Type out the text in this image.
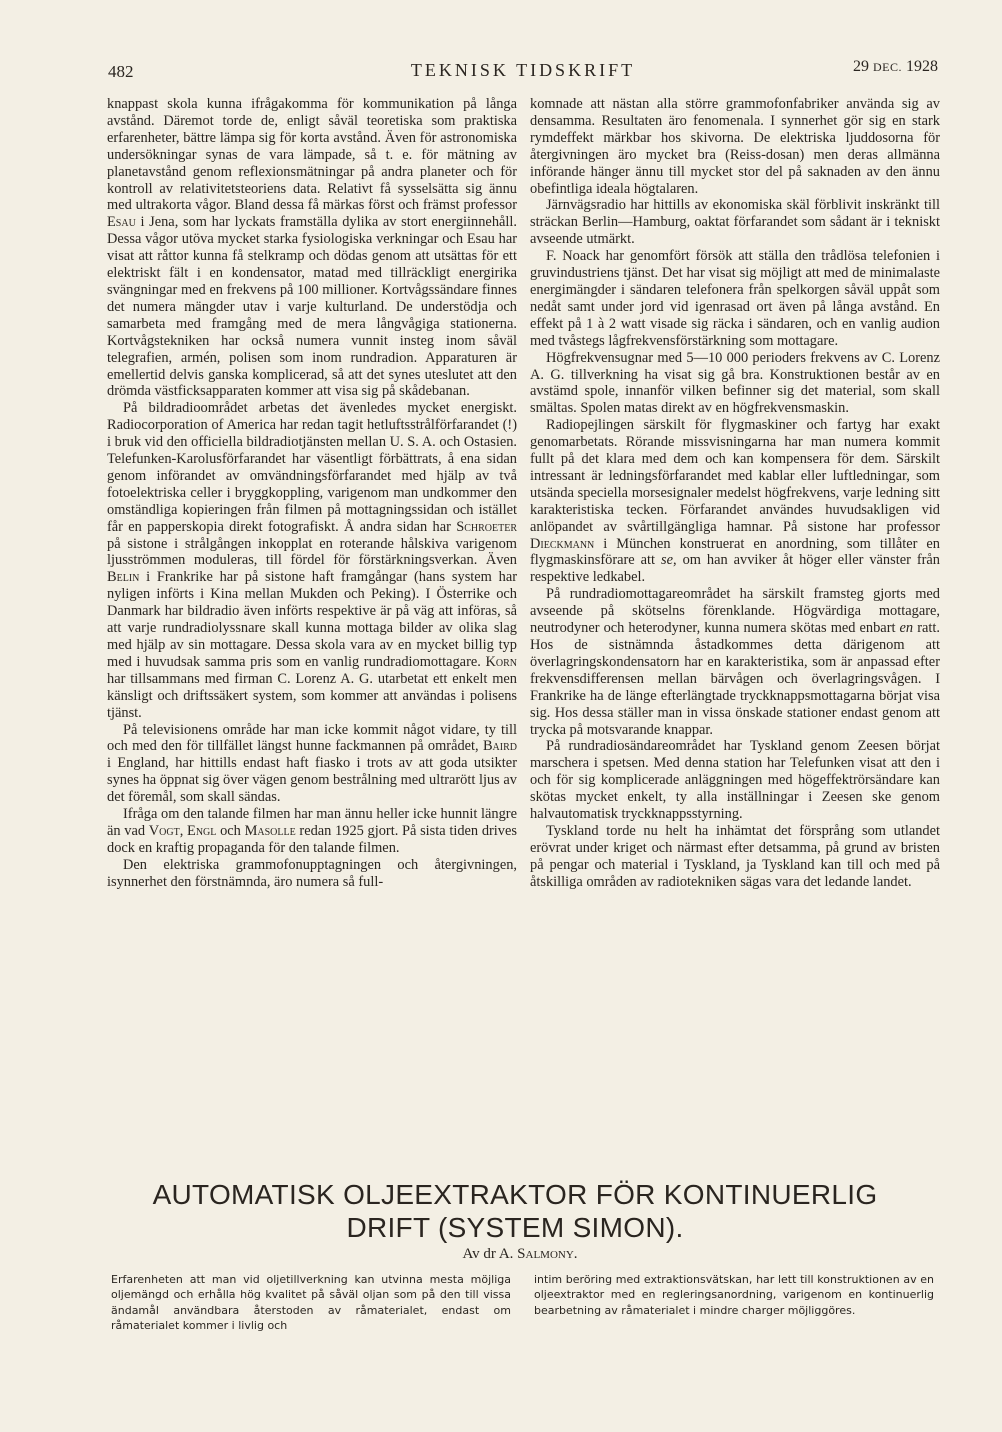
482	TEKNISK TIDSKRIFT	29 DEC. 1928

knappast skola kunna ifrågakomma för kommunikation på långa avstånd. Däremot torde de, enligt såväl teoretiska som praktiska erfarenheter, bättre lämpa sig för korta avstånd. Även för astronomiska undersökningar synas de vara lämpade, så t. e. för mätning av planetavstånd genom reflexionsmätningar på andra planeter och för kontroll av relativitetsteoriens data. Relativt få sysselsätta sig ännu med ultrakorta vågor. Bland dessa få märkas först och främst professor Esau i Jena, som har lyckats framställa dylika av stort energiinnehåll. Dessa vågor utöva mycket starka fysiologiska verkningar och Esau har visat att råttor kunna få stelkramp och dödas genom att utsättas för ett elektriskt fält i en kondensator, matad med tillräckligt energirika svängningar med en frekvens på 100 millioner. Kortvågssändare finnes det numera mängder utav i varje kulturland. De understödja och samarbeta med framgång med de mera långvågiga stationerna. Kortvågstekniken har också numera vunnit insteg inom såväl telegrafien, armén, polisen som inom rundradion. Apparaturen är emellertid delvis ganska komplicerad, så att det synes uteslutet att den drömda västficksapparaten kommer att visa sig på skådebanan.

På bildradioområdet arbetas det ävenledes mycket energiskt. Radiocorporation of America har redan tagit hetluftsstrålförfarandet (!) i bruk vid den officiella bildradiotjänsten mellan U. S. A. och Ostasien. Telefunken-Karolusförfarandet har väsentligt förbättrats, å ena sidan genom införandet av omvändningsförfarandet med hjälp av två fotoelektriska celler i bryggkoppling, varigenom man undkommer den omständliga kopieringen från filmen på mottagningssidan och istället får en papperskopia direkt fotografiskt. Å andra sidan har Schroeter på sistone i strålgången inkopplat en roterande hålskiva varigenom ljusströmmen moduleras, till fördel för förstärkningsverkan. Även Belin i Frankrike har på sistone haft framgångar (hans system har nyligen införts i Kina mellan Mukden och Peking). I Österrike och Danmark har bildradio även införts respektive är på väg att införas, så att varje rundradiolyssnare skall kunna mottaga bilder av olika slag med hjälp av sin mottagare. Dessa skola vara av en mycket billig typ med i huvudsak samma pris som en vanlig rundradiomottagare. Korn har tillsammans med firman C. Lorenz A. G. utarbetat ett enkelt men känsligt och driftssäkert system, som kommer att användas i polisens tjänst.

På televisionens område har man icke kommit något vidare, ty till och med den för tillfället längst hunne fackmannen på området, Baird i England, har hittills endast haft fiasko i trots av att goda utsikter synes ha öppnat sig över vägen genom bestrålning med ultrarött ljus av det föremål, som skall sändas.

Ifråga om den talande filmen har man ännu heller icke hunnit längre än vad Vogt, Engl och Masolle redan 1925 gjort. På sista tiden drives dock en kraftig propaganda för den talande filmen.

Den elektriska grammofonupptagningen och återgivningen, isynnerhet den förstnämnda, äro numera så full-

komnade att nästan alla större grammofonfabriker använda sig av densamma. Resultaten äro fenomenala. I synnerhet gör sig en stark rymdeffekt märkbar hos skivorna. De elektriska ljuddosorna för återgivningen äro mycket bra (Reiss-dosan) men deras allmänna införande hänger ännu till mycket stor del på saknaden av den ännu obefintliga ideala högtalaren.

Järnvägsradio har hittills av ekonomiska skäl förblivit inskränkt till sträckan Berlin—Hamburg, oaktat förfarandet som sådant är i tekniskt avseende utmärkt.

F. Noack har genomfört försök att ställa den trådlösa telefonien i gruvindustriens tjänst. Det har visat sig möjligt att med de minimalaste energimängder i sändaren telefonera från spelkorgen såväl uppåt som nedåt samt under jord vid igenrasad ort även på långa avstånd. En effekt på 1 à 2 watt visade sig räcka i sändaren, och en vanlig audion med tvåstegs lågfrekvensförstärkning som mottagare.

Högfrekvensugnar med 5—10 000 perioders frekvens av C. Lorenz A. G. tillverkning ha visat sig gå bra. Konstruktionen består av en avstämd spole, innanför vilken befinner sig det material, som skall smältas. Spolen matas direkt av en högfrekvensmaskin.

Radiopejlingen särskilt för flygmaskiner och fartyg har exakt genomarbetats. Rörande missvisningarna har man numera kommit fullt på det klara med dem och kan kompensera för dem. Särskilt intressant är ledningsförfarandet med kablar eller luftledningar, som utsända speciella morsesignaler medelst högfrekvens, varje ledning sitt karakteristiska tecken. Förfarandet användes huvudsakligen vid anlöpandet av svårtillgängliga hamnar. På sistone har professor Dieckmann i München konstruerat en anordning, som tillåter en flygmaskinsförare att se, om han avviker åt höger eller vänster från respektive ledkabel.

På rundradiomottagareområdet ha särskilt framsteg gjorts med avseende på skötselns förenklande. Högvärdiga mottagare, neutrodyner och heterodyner, kunna numera skötas med enbart en ratt. Hos de sistnämnda åstadkommes detta därigenom att överlagringskondensatorn har en karakteristika, som är anpassad efter frekvensdifferensen mellan bärvågen och överlagringsvågen. I Frankrike ha de länge efterlängtade tryckknappsmottagarna börjat visa sig. Hos dessa ställer man in vissa önskade stationer endast genom att trycka på motsvarande knappar.

På rundradiosändareområdet har Tyskland genom Zeesen börjat marschera i spetsen. Med denna station har Telefunken visat att den i och för sig komplicerade anläggningen med högeffektrörsändare kan skötas mycket enkelt, ty alla inställningar i Zeesen ske genom halvautomatisk tryckknappsstyrning.

Tyskland torde nu helt ha inhämtat det försprång som utlandet erövrat under kriget och närmast efter detsamma, på grund av bristen på pengar och material i Tyskland, ja Tyskland kan till och med på åtskilliga områden av radiotekniken sägas vara det ledande landet.

AUTOMATISK OLJEEXTRAKTOR FÖR KONTINUERLIG
DRIFT (SYSTEM SIMON).
Av dr A. Salmony.
Erfarenheten att man vid oljetillverkning kan utvinna mesta möjliga oljemängd och erhålla hög kvalitet på såväl oljan som på den till vissa ändamål användbara återstoden av råmaterialet, endast om råmaterialet kommer i livlig och
intim beröring med extraktionsvätskan, har lett till konstruktionen av en oljeextraktor med en regleringsanordning, varigenom en kontinuerlig bearbetning av råmaterialet i mindre charger möjliggöres.
